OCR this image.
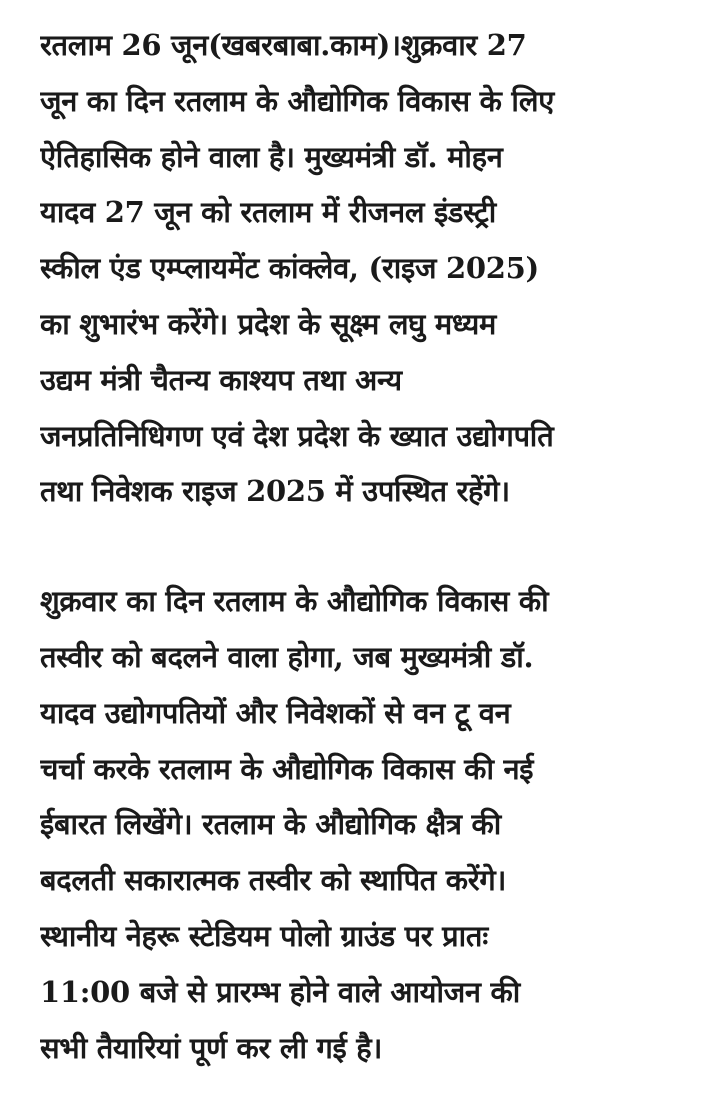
रतलाम 26 जून(खबरबाबा.काम)।शुक्रवार 27
जून का दिन रतलाम के औद्योगिक विकास के लिए
ऐतिहासिक होने वाला है। मुख्यमंत्री डॉ. मोहन
यादव 27 जून को रतलाम में रीजनल इंडस्ट्री
स्कील एंड एम्प्लायमेंट कांक्लेव, (राइज 2025)
का शुभारंभ करेंगे। प्रदेश के सूक्ष्म लघु मध्यम
उद्यम मंत्री चैतन्य काश्यप तथा अन्य
जनप्रतिनिधिगण एवं देश प्रदेश के ख्यात उद्योगपति
तथा निवेशक राइज 2025 में उपस्थित रहेंगे।
शुक्रवार का दिन रतलाम के औद्योगिक विकास की
तस्वीर को बदलने वाला होगा, जब मुख्यमंत्री डॉ.
यादव उद्योगपतियों और निवेशकों से वन टू वन
चर्चा करके रतलाम के औद्योगिक विकास की नई
ईबारत लिखेंगे। रतलाम के औद्योगिक क्षैत्र की
बदलती सकारात्मक तस्वीर को स्थापित करेंगे।
स्थानीय नेहरू स्टेडियम पोलो ग्राउंड पर प्रातः
11:00 बजे से प्रारम्भ होने वाले आयोजन की
सभी तैयारियां पूर्ण कर ली गई है।
